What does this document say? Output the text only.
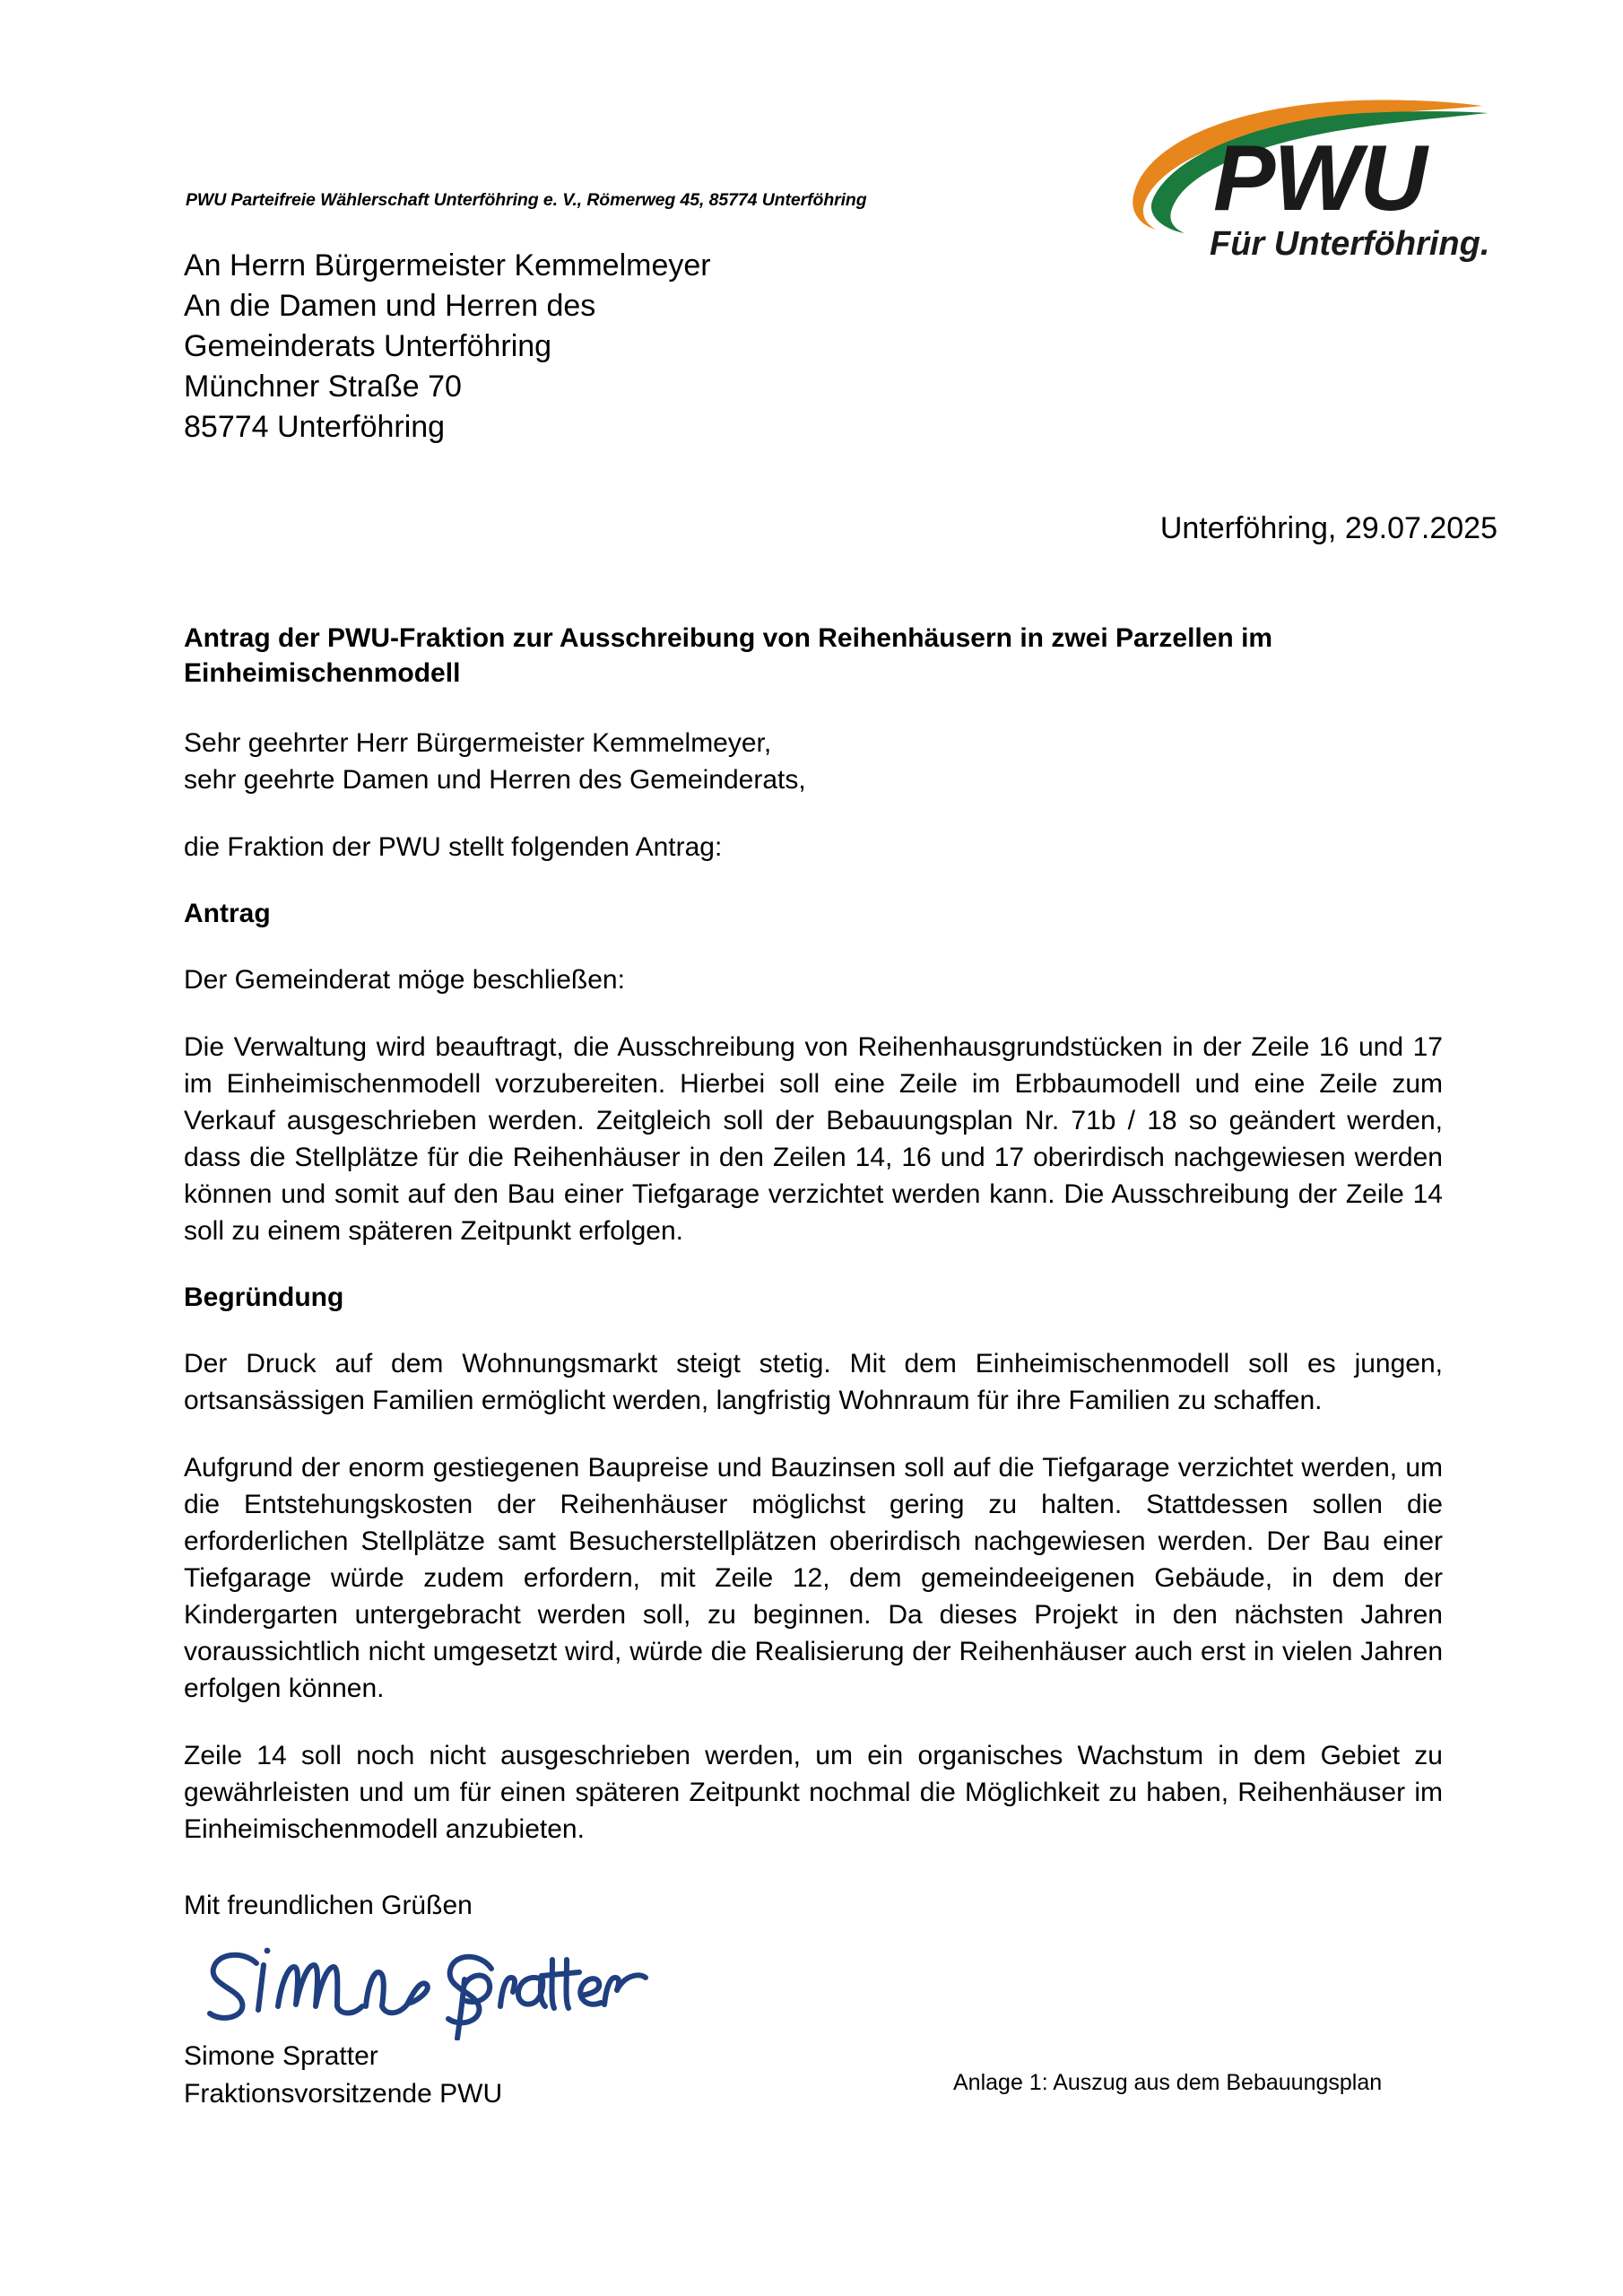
PWU
Für Unterföhring.
PWU Parteifreie Wählerschaft Unterföhring e. V., Römerweg 45, 85774 Unterföhring
An Herrn Bürgermeister Kemmelmeyer
An die Damen und Herren des
Gemeinderats Unterföhring
Münchner Straße 70
85774 Unterföhring
Unterföhring, 29.07.2025
Antrag der PWU-Fraktion zur Ausschreibung von Reihenhäusern in zwei Parzellen im Einheimischenmodell
Sehr geehrter Herr Bürgermeister Kemmelmeyer,
sehr geehrte Damen und Herren des Gemeinderats,
die Fraktion der PWU stellt folgenden Antrag:
Antrag
Der Gemeinderat möge beschließen:
Die Verwaltung wird beauftragt, die Ausschreibung von Reihenhausgrundstücken in der Zeile 16 und 17 im Einheimischenmodell vorzubereiten. Hierbei soll eine Zeile im Erbbaumodell und eine Zeile zum Verkauf ausgeschrieben werden. Zeitgleich soll der Bebauungsplan Nr. 71b / 18 so geändert werden, dass die Stellplätze für die Reihenhäuser in den Zeilen 14, 16 und 17 oberirdisch nachgewiesen werden können und somit auf den Bau einer Tiefgarage verzichtet werden kann. Die Ausschreibung der Zeile 14 soll zu einem späteren Zeitpunkt erfolgen.
Begründung
Der Druck auf dem Wohnungsmarkt steigt stetig. Mit dem Einheimischenmodell soll es jungen, ortsansässigen Familien ermöglicht werden, langfristig Wohnraum für ihre Familien zu schaffen.
Aufgrund der enorm gestiegenen Baupreise und Bauzinsen soll auf die Tiefgarage verzichtet werden, um die Entstehungskosten der Reihenhäuser möglichst gering zu halten. Stattdessen sollen die erforderlichen Stellplätze samt Besucherstellplätzen oberirdisch nachgewiesen werden. Der Bau einer Tiefgarage würde zudem erfordern, mit Zeile 12, dem gemeindeeigenen Gebäude, in dem der Kindergarten untergebracht werden soll, zu beginnen. Da dieses Projekt in den nächsten Jahren voraussichtlich nicht umgesetzt wird, würde die Realisierung der Reihenhäuser auch erst in vielen Jahren erfolgen können.
Zeile 14 soll noch nicht ausgeschrieben werden, um ein organisches Wachstum in dem Gebiet zu gewährleisten und um für einen späteren Zeitpunkt nochmal die Möglichkeit zu haben, Reihenhäuser im Einheimischenmodell anzubieten.
Mit freundlichen Grüßen
Simone Spratter
Fraktionsvorsitzende PWU	Anlage 1: Auszug aus dem Bebauungsplan
